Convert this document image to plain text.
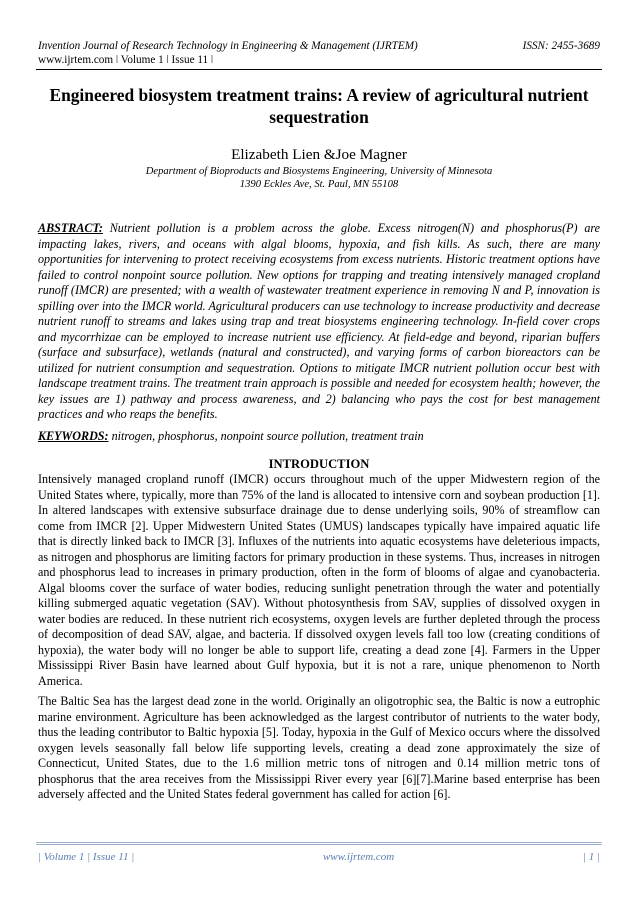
Invention Journal of Research Technology in Engineering & Management (IJRTEM)	ISSN: 2455-3689
www.ijrtem.com ǀ Volume 1 ǀ Issue 11 ǀ
Engineered biosystem treatment trains: A review of agricultural nutrient sequestration
Elizabeth Lien &Joe Magner
Department of Bioproducts and Biosystems Engineering, University of Minnesota
1390 Eckles Ave, St. Paul, MN 55108
ABSTRACT: Nutrient pollution is a problem across the globe. Excess nitrogen(N) and phosphorus(P) are impacting lakes, rivers, and oceans with algal blooms, hypoxia, and fish kills. As such, there are many opportunities for intervening to protect receiving ecosystems from excess nutrients. Historic treatment options have failed to control nonpoint source pollution. New options for trapping and treating intensively managed cropland runoff (IMCR) are presented; with a wealth of wastewater treatment experience in removing N and P, innovation is spilling over into the IMCR world. Agricultural producers can use technology to increase productivity and decrease nutrient runoff to streams and lakes using trap and treat biosystems engineering technology. In-field cover crops and mycorrhizae can be employed to increase nutrient use efficiency. At field-edge and beyond, riparian buffers (surface and subsurface), wetlands (natural and constructed), and varying forms of carbon bioreactors can be utilized for nutrient consumption and sequestration. Options to mitigate IMCR nutrient pollution occur best with landscape treatment trains. The treatment train approach is possible and needed for ecosystem health; however, the key issues are 1) pathway and process awareness, and 2) balancing who pays the cost for best management practices and who reaps the benefits.
KEYWORDS: nitrogen, phosphorus, nonpoint source pollution, treatment train
INTRODUCTION

Intensively managed cropland runoff (IMCR) occurs throughout much of the upper Midwestern region of the United States where, typically, more than 75% of the land is allocated to intensive corn and soybean production [1]. In altered landscapes with extensive subsurface drainage due to dense underlying soils, 90% of streamflow can come from IMCR [2]. Upper Midwestern United States (UMUS) landscapes typically have impaired aquatic life that is directly linked back to IMCR [3]. Influxes of the nutrients into aquatic ecosystems have deleterious impacts, as nitrogen and phosphorus are limiting factors for primary production in these systems. Thus, increases in nitrogen and phosphorus lead to increases in primary production, often in the form of blooms of algae and cyanobacteria. Algal blooms cover the surface of water bodies, reducing sunlight penetration through the water and potentially killing submerged aquatic vegetation (SAV). Without photosynthesis from SAV, supplies of dissolved oxygen in water bodies are reduced. In these nutrient rich ecosystems, oxygen levels are further depleted through the process of decomposition of dead SAV, algae, and bacteria. If dissolved oxygen levels fall too low (creating conditions of hypoxia), the water body will no longer be able to support life, creating a dead zone [4]. Farmers in the Upper Mississippi River Basin have learned about Gulf hypoxia, but it is not a rare, unique phenomenon to North America.

The Baltic Sea has the largest dead zone in the world. Originally an oligotrophic sea, the Baltic is now a eutrophic marine environment. Agriculture has been acknowledged as the largest contributor of nutrients to the water body, thus the leading contributor to Baltic hypoxia [5]. Today, hypoxia in the Gulf of Mexico occurs where the dissolved oxygen levels seasonally fall below life supporting levels, creating a dead zone approximately the size of Connecticut, United States, due to the 1.6 million metric tons of nitrogen and 0.14 million metric tons of phosphorus that the area receives from the Mississippi River every year [6][7].Marine based enterprise has been adversely affected and the United States federal government has called for action [6].

| Volume 1 | Issue 11 |	www.ijrtem.com	| 1 |
